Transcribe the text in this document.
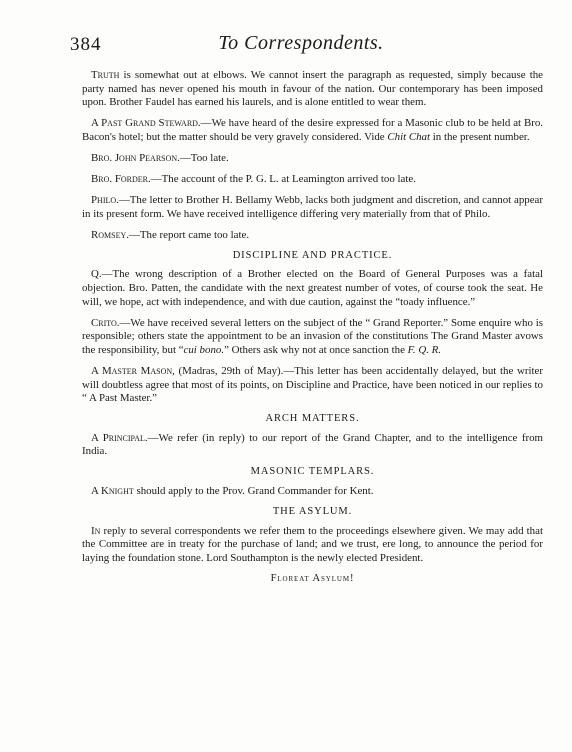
384	To Correspondents.

Truth is somewhat out at elbows. We cannot insert the paragraph as requested, simply because the party named has never opened his mouth in favour of the nation. Our contemporary has been imposed upon. Brother Faudel has earned his laurels, and is alone entitled to wear them.

A Past Grand Steward.—We have heard of the desire expressed for a Masonic club to be held at Bro. Bacon's hotel; but the matter should be very gravely considered. Vide Chit Chat in the present number.

Bro. John Pearson.—Too late.

Bro. Forder.—The account of the P. G. L. at Leamington arrived too late.

Philo.—The letter to Brother H. Bellamy Webb, lacks both judgment and discretion, and cannot appear in its present form. We have received intelligence differing very materially from that of Philo.

Romsey.—The report came too late.

DISCIPLINE AND PRACTICE.

Q.—The wrong description of a Brother elected on the Board of General Purposes was a fatal objection. Bro. Patten, the candidate with the next greatest number of votes, of course took the seat. He will, we hope, act with independence, and with due caution, against the “toady influence.”

Crito.—We have received several letters on the subject of the “ Grand Reporter.” Some enquire who is responsible; others state the appointment to be an invasion of the constitutions The Grand Master avows the responsibility, but “cui bono.” Others ask why not at once sanction the F. Q. R.

A Master Mason, (Madras, 29th of May).—This letter has been accidentally delayed, but the writer will doubtless agree that most of its points, on Discipline and Practice, have been noticed in our replies to “ A Past Master.”

ARCH MATTERS.

A Principal.—We refer (in reply) to our report of the Grand Chapter, and to the intelligence from India.

MASONIC TEMPLARS.

A Knight should apply to the Prov. Grand Commander for Kent.

THE ASYLUM.

In reply to several correspondents we refer them to the proceedings elsewhere given. We may add that the Committee are in treaty for the purchase of land; and we trust, ere long, to announce the period for laying the foundation stone. Lord Southampton is the newly elected President.

Floreat Asylum!
